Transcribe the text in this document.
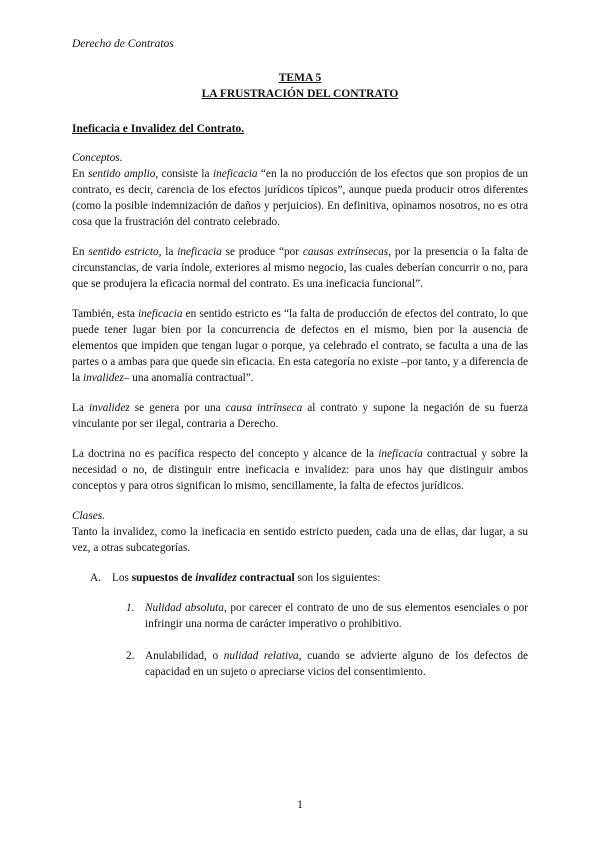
Derecho de Contratos
TEMA 5
LA FRUSTRACIÓN DEL CONTRATO
Ineficacia e Invalidez del Contrato.

Conceptos.
En sentido amplio, consiste la ineficacia “en la no producción de los efectos que son propios de un contrato, es decir, carencia de los efectos jurídicos típicos”, aunque pueda producir otros diferentes (como la posible indemnización de daños y perjuicios). En definitiva, opinamos nosotros, no es otra cosa que la frustración del contrato celebrado.

En sentido estricto, la ineficacia se produce “por causas extrínsecas, por la presencia o la falta de circunstancias, de varia índole, exteriores al mismo negocio, las cuales deberían concurrir o no, para que se produjera la eficacia normal del contrato. Es una ineficacia funcional”.

También, esta ineficacia en sentido estricto es “la falta de producción de efectos del contrato, lo que puede tener lugar bien por la concurrencia de defectos en el mismo, bien por la ausencia de elementos que impiden que tengan lugar o porque, ya celebrado el contrato, se faculta a una de las partes o a ambas para que quede sin eficacia. En esta categoría no existe –por tanto, y a diferencia de la invalidez– una anomalía contractual”.

La invalidez se genera por una causa intrínseca al contrato y supone la negación de su fuerza vinculante por ser ilegal, contraria a Derecho.

La doctrina no es pacífica respecto del concepto y alcance de la ineficacia contractual y sobre la necesidad o no, de distinguir entre ineficacia e invalidez: para unos hay que distinguir ambos conceptos y para otros significan lo mismo, sencillamente, la falta de efectos jurídicos.

Clases.
Tanto la invalidez, como la ineficacia en sentido estricto pueden, cada una de ellas, dar lugar, a su vez, a otras subcategorías.

A. Los supuestos de invalidez contractual son los siguientes:
1. Nulidad absoluta, por carecer el contrato de uno de sus elementos esenciales o por infringir una norma de carácter imperativo o prohibitivo.
2. Anulabilidad, o nulidad relativa, cuando se advierte alguno de los defectos de capacidad en un sujeto o apreciarse vicios del consentimiento.
1
